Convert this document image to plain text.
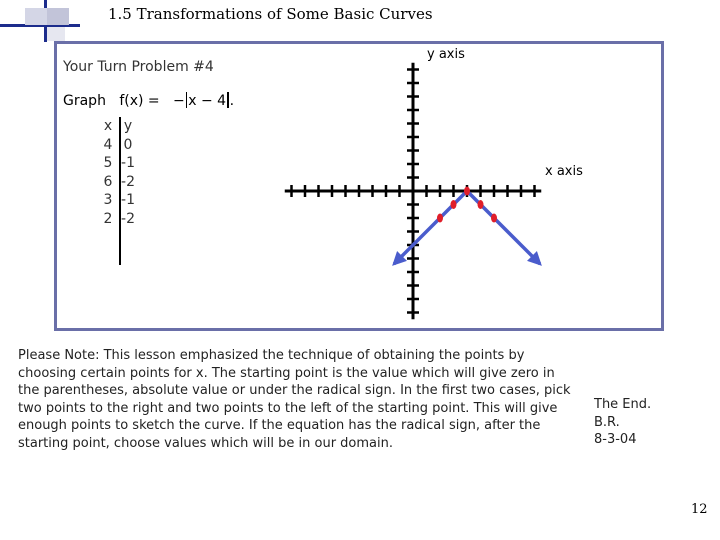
1.5 Transformations of Some Basic Curves
Your Turn Problem #4
Graph f(x) = − x − 4 .
x
4
5
6
3
2
y
0
-1
-2
-1
-2
y axis
x axis
Please Note: This lesson emphasized the technique of obtaining the points by choosing certain points for x. The starting point is the value which will give zero in the parentheses, absolute value or under the radical sign. In the first two cases, pick two points to the right and two points to the left of the starting point. This will give enough points to sketch the curve. If the equation has the radical sign, after the starting point, choose values which will be in our domain.
The End.
B.R.
8-3-04
12
